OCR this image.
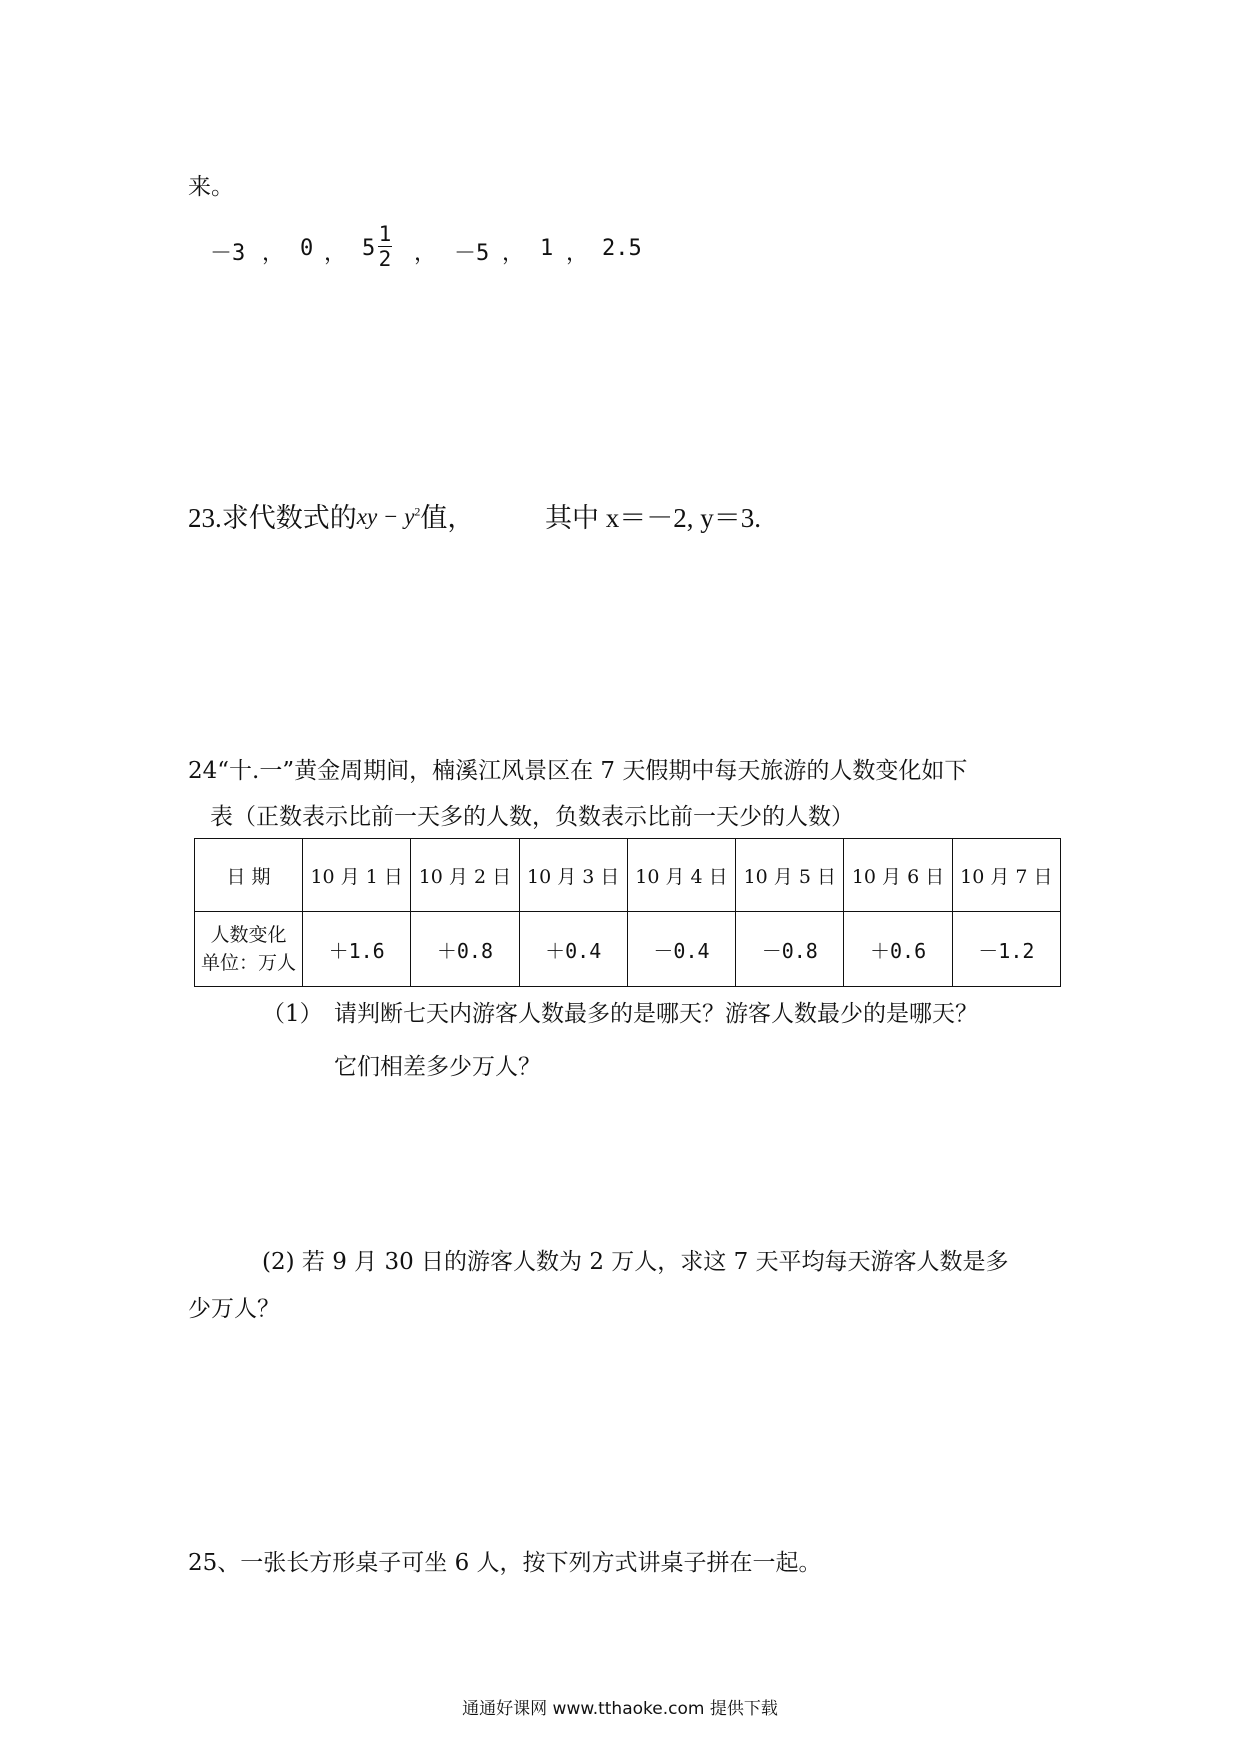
来。
－3 ， 0 ， 5
1
2 ， －5 ， 1 ， 2.5
23.求代数式的xy − $y^2$值，	其中 x＝－2, y＝3.
24“十.一”黄金周期间，楠溪江风景区在 7 天假期中每天旅游的人数变化如下
表（正数表示比前一天多的人数，负数表示比前一天少的人数）
日 期	10 月 1 日	10 月 2 日	10 月 3 日	10 月 4 日	10 月 5 日	10 月 6 日	10 月 7 日

人数变化
单位：万人	＋1.6	＋0.8	＋0.4	－0.4	－0.8	＋0.6	－1.2
（1） 请判断七天内游客人数最多的是哪天？游客人数最少的是哪天？
它们相差多少万人？
(2) 若 9 月 30 日的游客人数为 2 万人，求这 7 天平均每天游客人数是多
少万人？
25、一张长方形桌子可坐 6 人，按下列方式讲桌子拼在一起。
通通好课网 www.tthaoke.com 提供下载
